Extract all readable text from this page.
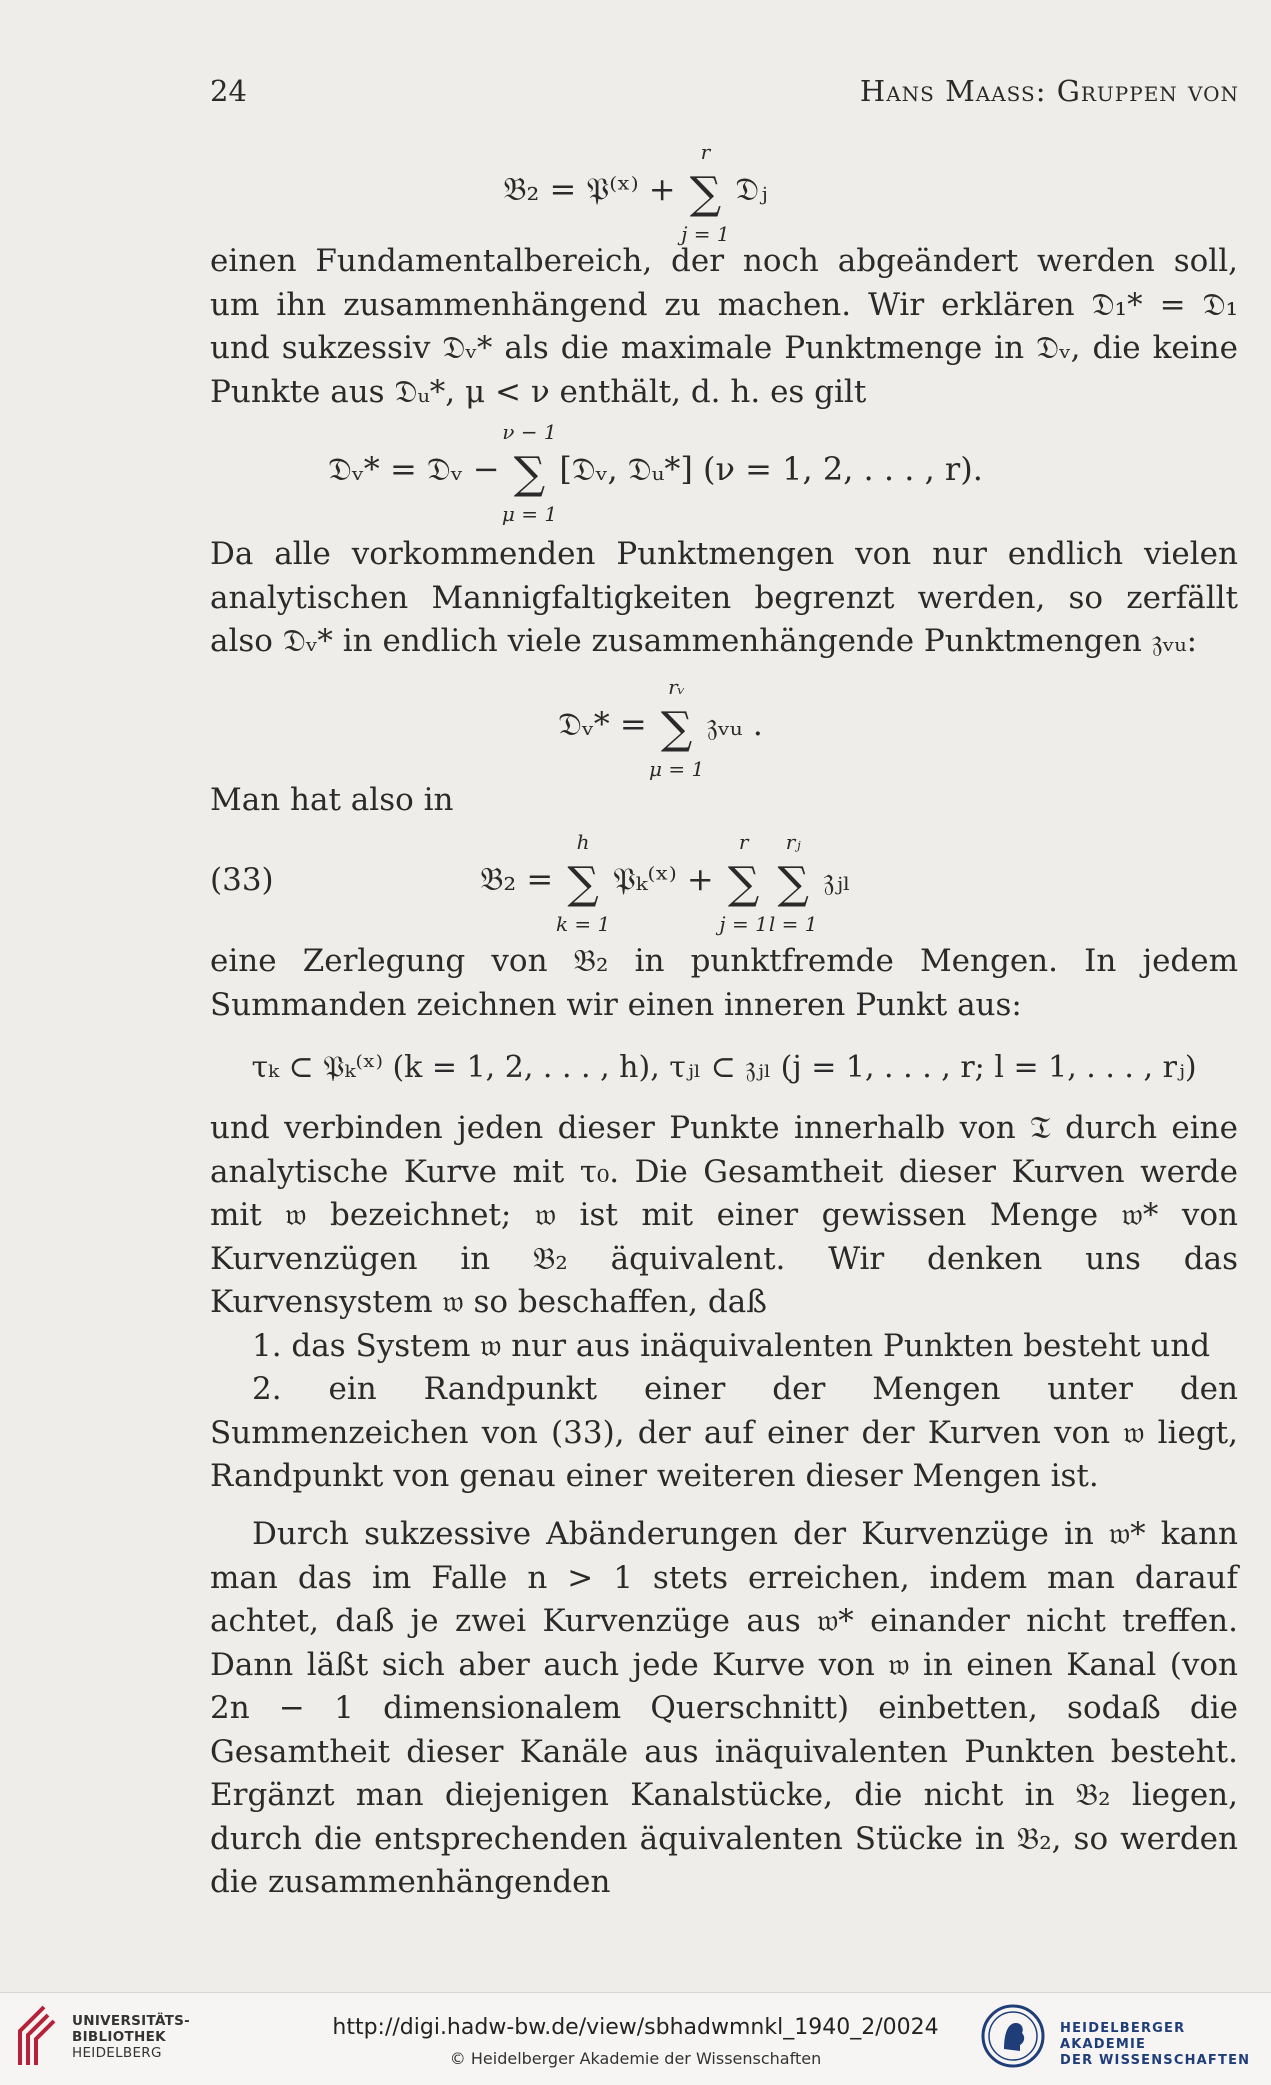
24	Hans Maass: Gruppen von
𝔅₂ = 𝔓⁽ˣ⁾ + ∑
r
j = 1
𝔇ⱼ

einen Fundamentalbereich, der noch abgeändert werden soll, um ihn zusammenhängend zu machen. Wir erklären 𝔇₁* = 𝔇₁ und sukzessiv 𝔇ᵥ* als die maximale Punktmenge in 𝔇ᵥ, die keine Punkte aus 𝔇ᵤ*, μ < ν enthält, d. h. es gilt

𝔇ᵥ* = 𝔇ᵥ − ∑
ν − 1
μ = 1
[𝔇ᵥ, 𝔇ᵤ*] (ν = 1, 2, . . . , r).

Da alle vorkommenden Punktmengen von nur endlich vielen analytischen Mannigfaltigkeiten begrenzt werden, so zerfällt also 𝔇ᵥ* in endlich viele zusammenhängende Punktmengen 𝔷ᵥᵤ:

𝔇ᵥ* = ∑
rᵥ
μ = 1
𝔷ᵥᵤ .

Man hat also in

(33)	𝔅₂ = ∑
h
k = 1
𝔓ₖ⁽ˣ⁾ + ∑
r
j = 1
∑
rⱼ
l = 1
𝔷ⱼₗ

eine Zerlegung von 𝔅₂ in punktfremde Mengen. In jedem Summanden zeichnen wir einen inneren Punkt aus:

τₖ ⊂ 𝔓ₖ⁽ˣ⁾ (k = 1, 2, . . . , h), τⱼₗ ⊂ 𝔷ⱼₗ (j = 1, . . . , r; l = 1, . . . , rⱼ)

und verbinden jeden dieser Punkte innerhalb von 𝔗 durch eine analytische Kurve mit τ₀. Die Gesamtheit dieser Kurven werde mit 𝔴 bezeichnet; 𝔴 ist mit einer gewissen Menge 𝔴* von Kurvenzügen in 𝔅₂ äquivalent. Wir denken uns das Kurvensystem 𝔴 so beschaffen, daß

1. das System 𝔴 nur aus inäquivalenten Punkten besteht und

2. ein Randpunkt einer der Mengen unter den Summenzeichen von (33), der auf einer der Kurven von 𝔴 liegt, Randpunkt von genau einer weiteren dieser Mengen ist.

Durch sukzessive Abänderungen der Kurvenzüge in 𝔴* kann man das im Falle n > 1 stets erreichen, indem man darauf achtet, daß je zwei Kurvenzüge aus 𝔴* einander nicht treffen. Dann läßt sich aber auch jede Kurve von 𝔴 in einen Kanal (von 2n − 1 dimensionalem Querschnitt) einbetten, sodaß die Gesamtheit dieser Kanäle aus inäquivalenten Punkten besteht. Ergänzt man diejenigen Kanalstücke, die nicht in 𝔅₂ liegen, durch die entsprechenden äquivalenten Stücke in 𝔅₂, so werden die zusammenhängenden

UNIVERSITÄTS-
BIBLIOTHEK
HEIDELBERG
http://digi.hadw-bw.de/view/sbhadwmnkl_1940_2/0024
© Heidelberger Akademie der Wissenschaften
HEIDELBERGER AKADEMIE
DER WISSENSCHAFTEN
